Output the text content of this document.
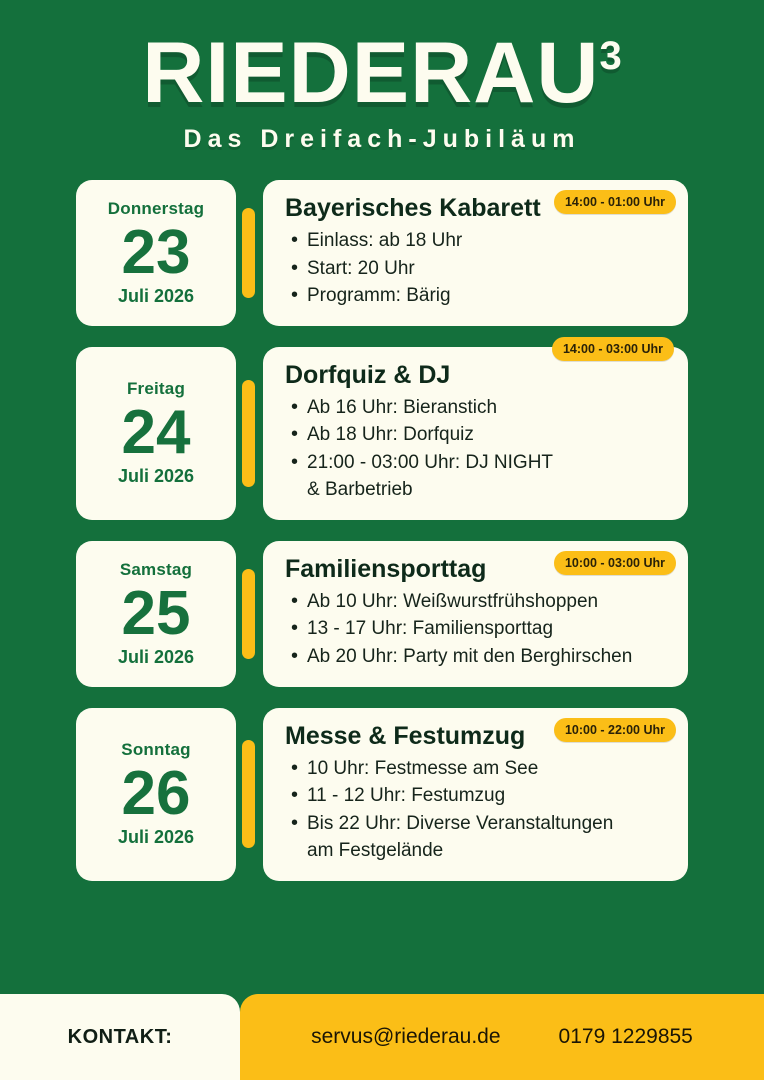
RIEDERAU3
Das Dreifach-Jubiläum
Donnerstag
23
Juli 2026
14:00 - 01:00 Uhr
Bayerisches Kabarett
• Einlass: ab 18 Uhr
• Start: 20 Uhr
• Programm: Bärig
Freitag
24
Juli 2026
14:00 - 03:00 Uhr
Dorfquiz & DJ
• Ab 16 Uhr: Bieranstich
• Ab 18 Uhr: Dorfquiz
• 21:00 - 03:00 Uhr: DJ NIGHT
& Barbetrieb
Samstag
25
Juli 2026
10:00 - 03:00 Uhr
Familiensporttag
• Ab 10 Uhr: Weißwurstfrühshoppen
• 13 - 17 Uhr: Familiensporttag
• Ab 20 Uhr: Party mit den Berghirschen
Sonntag
26
Juli 2026
10:00 - 22:00 Uhr
Messe & Festumzug
• 10 Uhr: Festmesse am See
• 11 - 12 Uhr: Festumzug
• Bis 22 Uhr: Diverse Veranstaltungen
am Festgelände
KONTAKT:	servus@riederau.de	0179 1229855
